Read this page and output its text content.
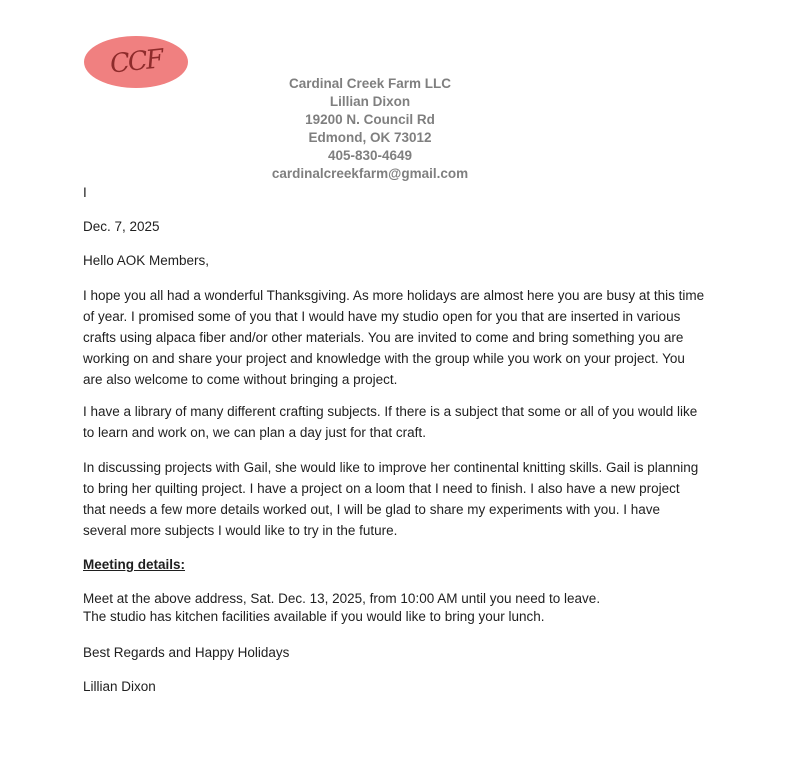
CCF
Cardinal Creek Farm LLC
Lillian Dixon
19200 N. Council Rd
Edmond, OK 73012
405-830-4649
cardinalcreekfarm@gmail.com
I
Dec. 7, 2025
Hello AOK Members,
I hope you all had a wonderful Thanksgiving. As more holidays are almost here you are busy at this time
of year. I promised some of you that I would have my studio open for you that are inserted in various
crafts using alpaca fiber and/or other materials. You are invited to come and bring something you are
working on and share your project and knowledge with the group while you work on your project. You
are also welcome to come without bringing a project.
I have a library of many different crafting subjects. If there is a subject that some or all of you would like
to learn and work on, we can plan a day just for that craft.
In discussing projects with Gail, she would like to improve her continental knitting skills. Gail is planning
to bring her quilting project. I have a project on a loom that I need to finish. I also have a new project
that needs a few more details worked out, I will be glad to share my experiments with you. I have
several more subjects I would like to try in the future.
Meeting details:
Meet at the above address, Sat. Dec. 13, 2025, from 10:00 AM until you need to leave.
The studio has kitchen facilities available if you would like to bring your lunch.
Best Regards and Happy Holidays
Lillian Dixon
